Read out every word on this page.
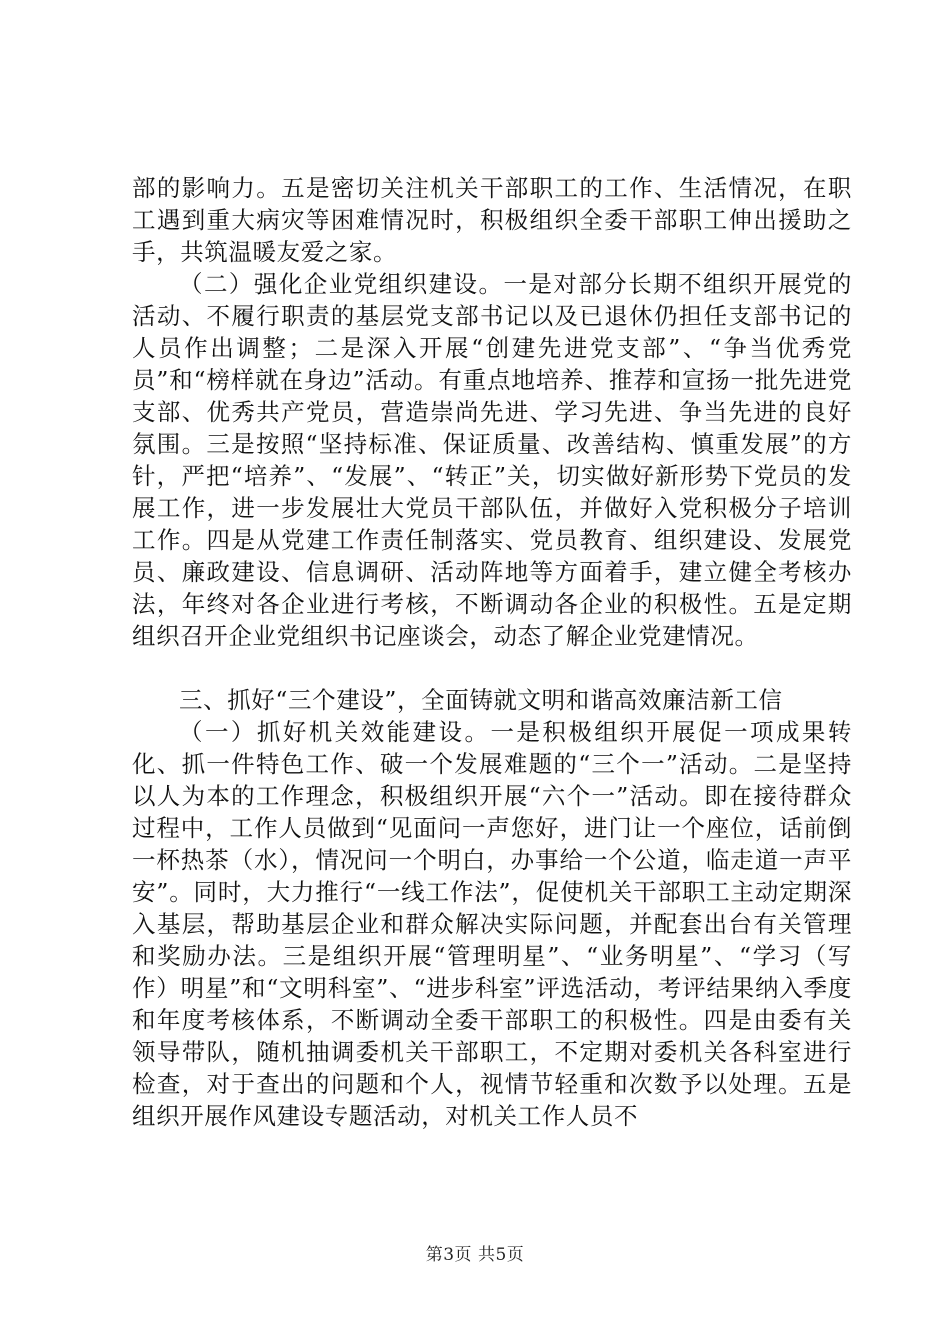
部的影响力。五是密切关注机关干部职工的工作、生活情况，在职工遇到重大病灾等困难情况时，积极组织全委干部职工伸出援助之手，共筑温暖友爱之家。

（二）强化企业党组织建设。一是对部分长期不组织开展党的活动、不履行职责的基层党支部书记以及已退休仍担任支部书记的人员作出调整；二是深入开展“创建先进党支部”、“争当优秀党员”和“榜样就在身边”活动。有重点地培养、推荐和宣扬一批先进党支部、优秀共产党员，营造崇尚先进、学习先进、争当先进的良好氛围。三是按照“坚持标准、保证质量、改善结构、慎重发展”的方针，严把“培养”、“发展”、“转正”关，切实做好新形势下党员的发展工作，进一步发展壮大党员干部队伍，并做好入党积极分子培训工作。四是从党建工作责任制落实、党员教育、组织建设、发展党员、廉政建设、信息调研、活动阵地等方面着手，建立健全考核办法，年终对各企业进行考核，不断调动各企业的积极性。五是定期组织召开企业党组织书记座谈会，动态了解企业党建情况。

三、抓好“三个建设”，全面铸就文明和谐高效廉洁新工信

（一）抓好机关效能建设。一是积极组织开展促一项成果转化、抓一件特色工作、破一个发展难题的“三个一”活动。二是坚持以人为本的工作理念，积极组织开展“六个一”活动。即在接待群众过程中，工作人员做到“见面问一声您好，进门让一个座位，话前倒一杯热茶（水），情况问一个明白，办事给一个公道，临走道一声平安”。同时，大力推行“一线工作法”，促使机关干部职工主动定期深入基层，帮助基层企业和群众解决实际问题，并配套出台有关管理和奖励办法。三是组织开展“管理明星”、“业务明星”、“学习（写作）明星”和“文明科室”、“进步科室”评选活动，考评结果纳入季度和年度考核体系，不断调动全委干部职工的积极性。四是由委有关领导带队，随机抽调委机关干部职工，不定期对委机关各科室进行检查，对于查出的问题和个人，视情节轻重和次数予以处理。五是组织开展作风建设专题活动，对机关工作人员不

第3页 共5页
